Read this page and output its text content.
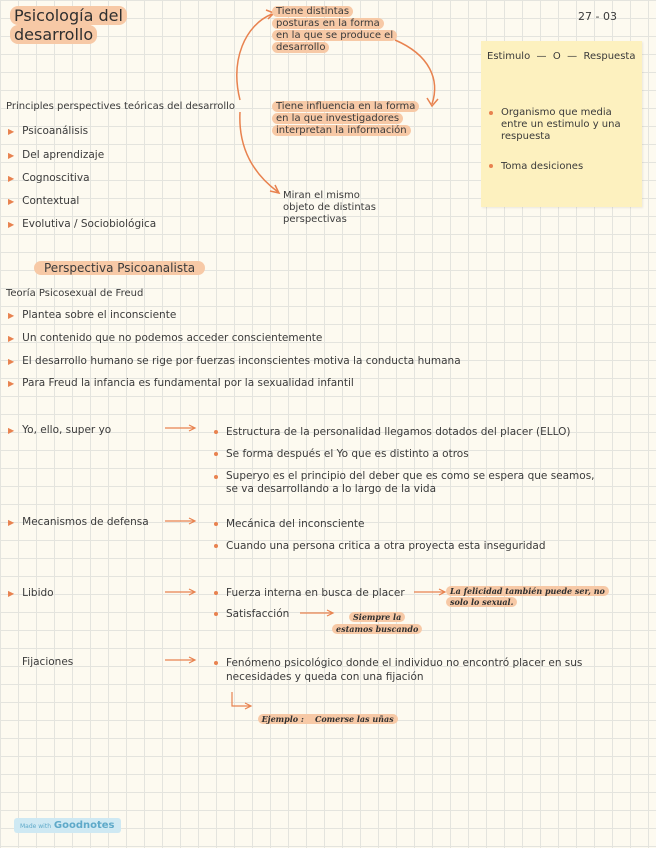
Psicología del
desarrollo
27 - 03
Tiene distintas
posturas en la forma
en la que se produce el
desarrollo
Principles perspectives teóricas del desarrollo	Tiene influencia en la forma
en la que investigadores
interpretan la información
▶ Psicoanálisis
▶ Del aprendizaje
▶ Cognoscitiva
▶ Contextual
▶ Evolutiva / Sociobiológica
Miran el mismo
objeto de distintas
perspectivas
Estimulo  —  O  —  Respuesta
Organismo que media
entre un estimulo y una
respuesta
Toma desiciones
Perspectiva Psicoanalista
Teoría Psicosexual de Freud
▶ Plantea sobre el inconsciente
▶ Un contenido que no podemos acceder conscientemente
▶ El desarrollo humano se rige por fuerzas inconscientes motiva la conducta humana
▶ Para Freud la infancia es fundamental por la sexualidad infantil
▶ Yo, ello, super yo	Estructura de la personalidad llegamos dotados del placer (ELLO)
Se forma después el Yo que es distinto a otros
Superyo es el principio del deber que es como se espera que seamos,
se va desarrollando a lo largo de la vida
▶ Mecanismos de defensa	Mecánica del inconsciente
Cuando una persona critica a otra proyecta esta inseguridad
▶ Libido	Fuerza interna en busca de placer	La felicidad también puede ser, no
solo lo sexual.
Satisfacción	Siempre la
estamos buscando
Fijaciones	Fenómeno psicológico donde el individuo no encontró placer en sus
necesidades y queda con una fijación

Ejemplo :    Comerse las uñas

Made with Goodnotes
